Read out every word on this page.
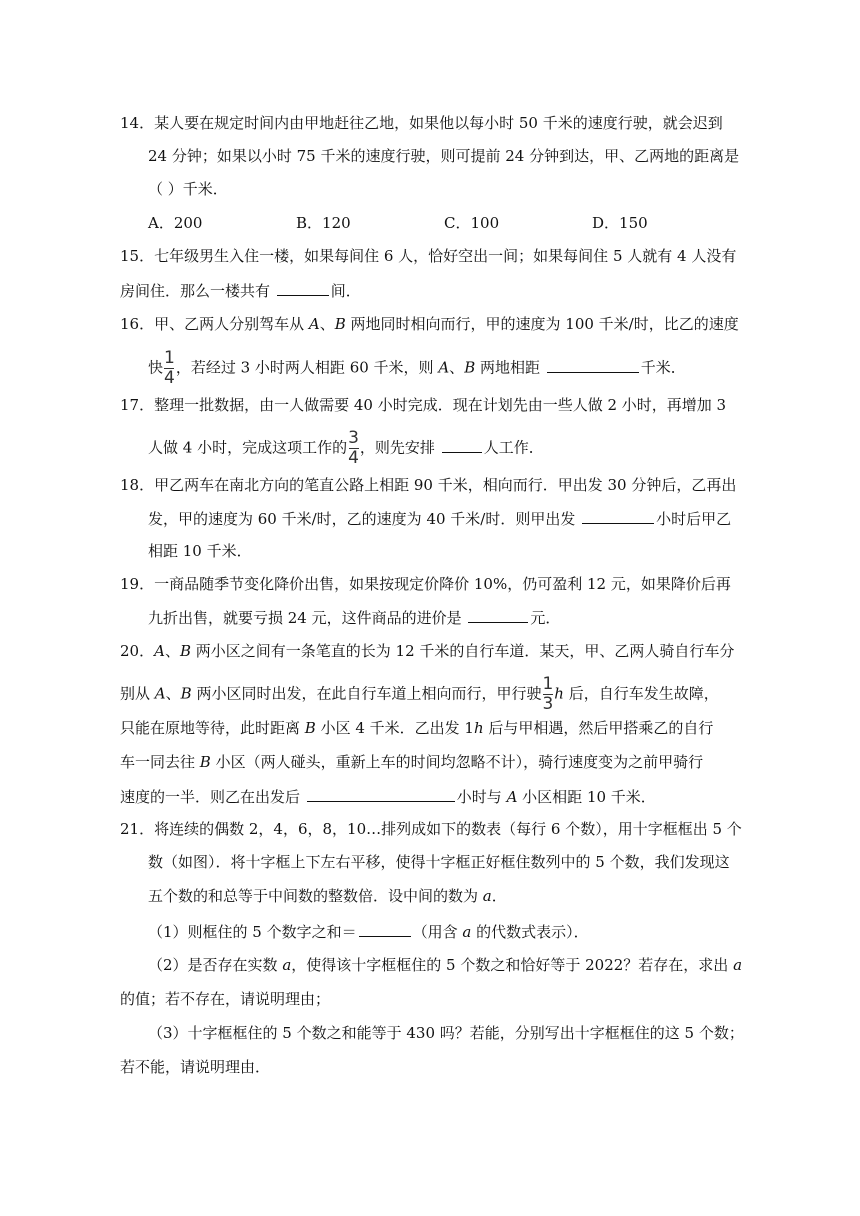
14．某人要在规定时间内由甲地赶往乙地，如果他以每小时 50 千米的速度行驶，就会迟到
24 分钟；如果以小时 75 千米的速度行驶，则可提前 24 分钟到达，甲、乙两地的距离是
（ ）千米．
A．200	B．120	C．100	D．150
15．七年级男生入住一楼，如果每间住 6 人，恰好空出一间；如果每间住 5 人就有 4 人没有
房间住．那么一楼共有	间．
16．甲、乙两人分别驾车从 A、B 两地同时相向而行，甲的速度为 100 千米/时，比乙的速度
快 $\frac{1}{4}$ ，若经过 3 小时两人相距 60 千米，则 A、B 两地相距	千米．
17．整理一批数据，由一人做需要 40 小时完成．现在计划先由一些人做 2 小时，再增加 3
人做 4 小时，完成这项工作的 $\frac{3}{4}$ ，则先安排	人工作．
18．甲乙两车在南北方向的笔直公路上相距 90 千米，相向而行．甲出发 30 分钟后，乙再出
发，甲的速度为 60 千米/时，乙的速度为 40 千米/时．则甲出发	小时后甲乙
相距 10 千米．
19．一商品随季节变化降价出售，如果按现定价降价 10%，仍可盈利 12 元，如果降价后再
九折出售，就要亏损 24 元，这件商品的进价是	元．
20．A、B 两小区之间有一条笔直的长为 12 千米的自行车道．某天，甲、乙两人骑自行车分
别从 A、B 两小区同时出发，在此自行车道上相向而行，甲行驶 $\frac{1}{3}$ h 后，自行车发生故障，
只能在原地等待，此时距离 B 小区 4 千米．乙出发 1h 后与甲相遇，然后甲搭乘乙的自行
车一同去往 B 小区（两人碰头，重新上车的时间均忽略不计），骑行速度变为之前甲骑行
速度的一半．则乙在出发后	小时与 A 小区相距 10 千米．
21．将连续的偶数 2，4，6，8，10…排列成如下的数表（每行 6 个数），用十字框框出 5 个
数（如图）．将十字框上下左右平移，使得十字框正好框住数列中的 5 个数，我们发现这
五个数的和总等于中间数的整数倍．设中间的数为 a．
（1）则框住的 5 个数字之和＝	（用含 a 的代数式表示）．
（2）是否存在实数 a，使得该十字框框住的 5 个数之和恰好等于 2022？若存在，求出 a
的值；若不存在，请说明理由；
（3）十字框框住的 5 个数之和能等于 430 吗？若能，分别写出十字框框住的这 5 个数；
若不能，请说明理由．
